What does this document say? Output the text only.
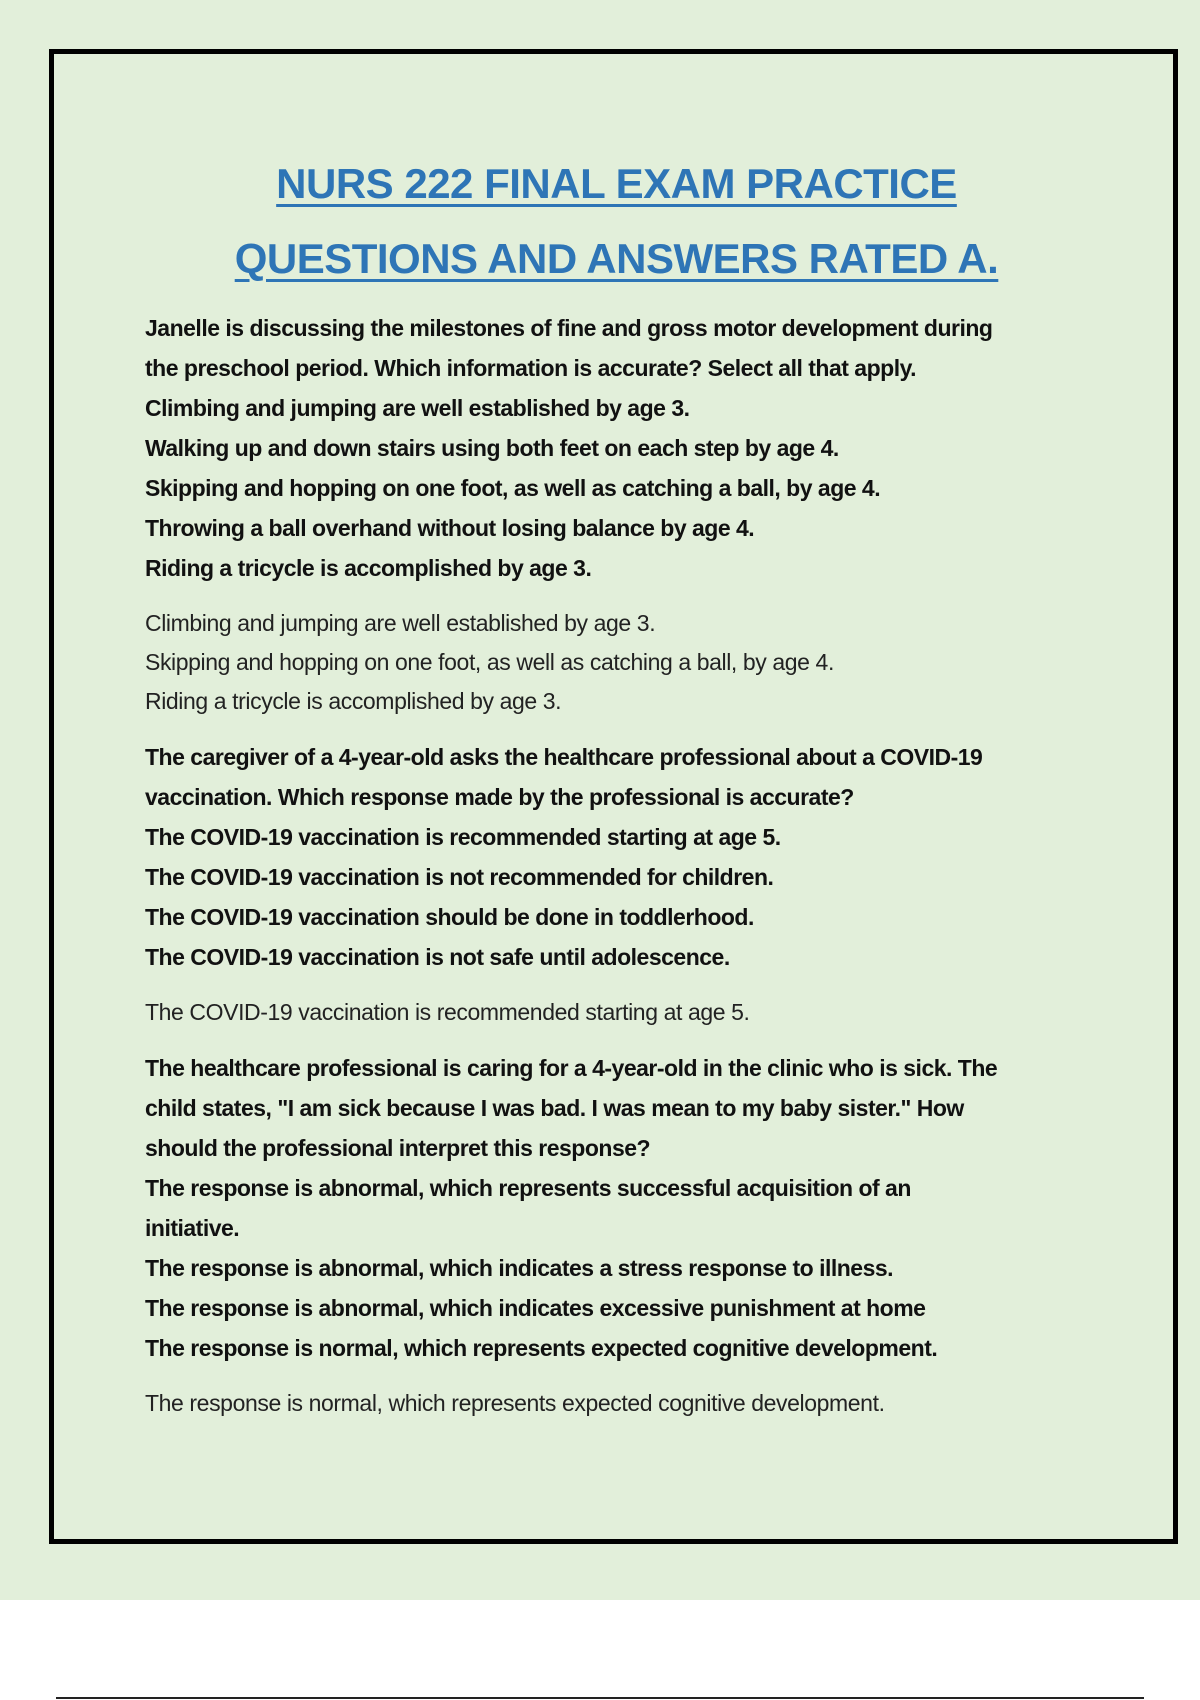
NURS 222 FINAL EXAM PRACTICE
QUESTIONS AND ANSWERS RATED A.
Janelle is discussing the milestones of fine and gross motor development during
the preschool period. Which information is accurate? Select all that apply.
Climbing and jumping are well established by age 3.
Walking up and down stairs using both feet on each step by age 4.
Skipping and hopping on one foot, as well as catching a ball, by age 4.
Throwing a ball overhand without losing balance by age 4.
Riding a tricycle is accomplished by age 3.
Climbing and jumping are well established by age 3.
Skipping and hopping on one foot, as well as catching a ball, by age 4.
Riding a tricycle is accomplished by age 3.
The caregiver of a 4-year-old asks the healthcare professional about a COVID-19
vaccination. Which response made by the professional is accurate?
The COVID-19 vaccination is recommended starting at age 5.
The COVID-19 vaccination is not recommended for children.
The COVID-19 vaccination should be done in toddlerhood.
The COVID-19 vaccination is not safe until adolescence.
The COVID-19 vaccination is recommended starting at age 5.
The healthcare professional is caring for a 4-year-old in the clinic who is sick. The
child states, "I am sick because I was bad. I was mean to my baby sister." How
should the professional interpret this response?
The response is abnormal, which represents successful acquisition of an
initiative.
The response is abnormal, which indicates a stress response to illness.
The response is abnormal, which indicates excessive punishment at home
The response is normal, which represents expected cognitive development.
The response is normal, which represents expected cognitive development.
